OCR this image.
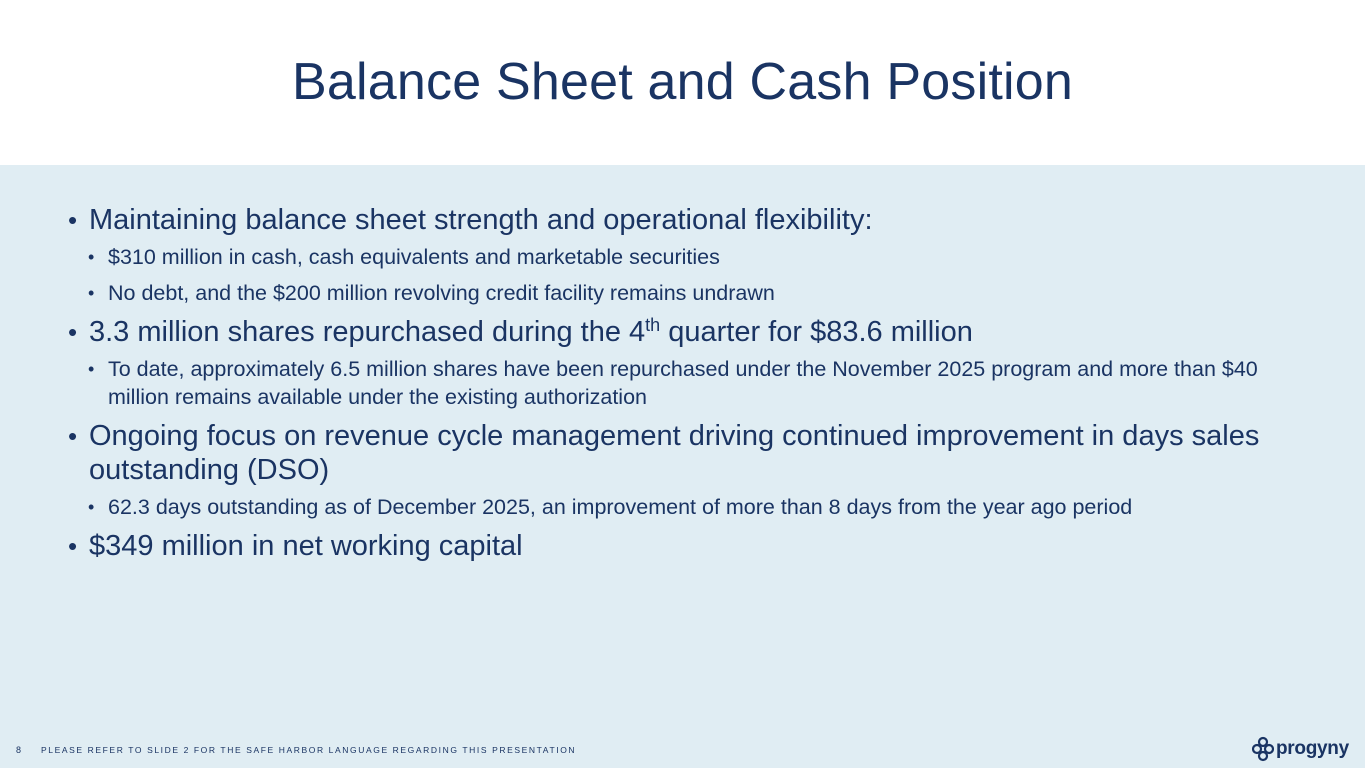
Balance Sheet and Cash Position
• Maintaining balance sheet strength and operational flexibility:
• $310 million in cash, cash equivalents and marketable securities
• No debt, and the $200 million revolving credit facility remains undrawn
• 3.3 million shares repurchased during the 4th quarter for $83.6 million
• To date, approximately 6.5 million shares have been repurchased under the November 2025 program and more than $40 million remains available under the existing authorization
• Ongoing focus on revenue cycle management driving continued improvement in days sales outstanding (DSO)
• 62.3 days outstanding as of December 2025, an improvement of more than 8 days from the year ago period
• $349 million in net working capital
8 PLEASE REFER TO SLIDE 2 FOR THE SAFE HARBOR LANGUAGE REGARDING THIS PRESENTATION	progyny
